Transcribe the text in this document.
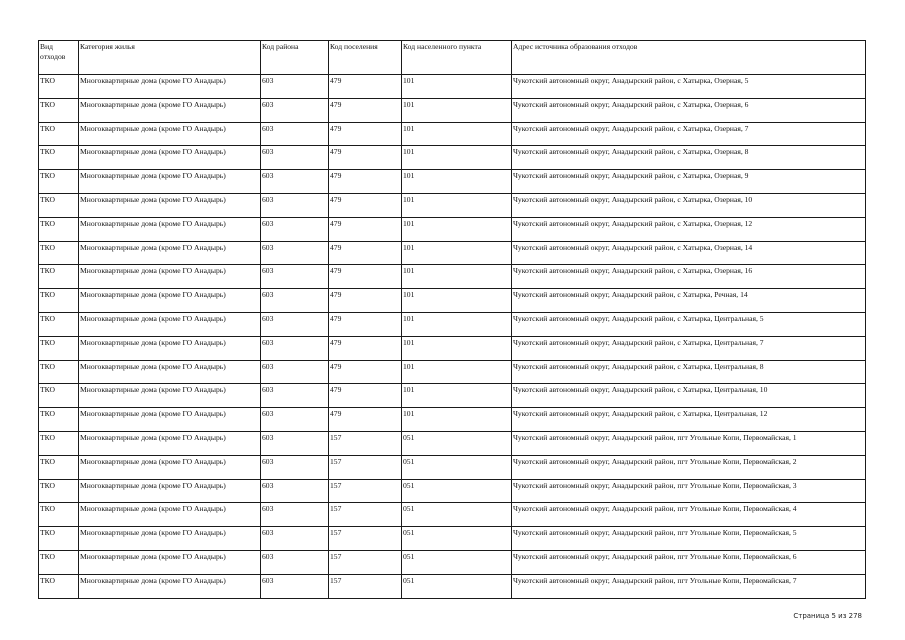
Вид отходов	Категория жилья	Код района	Код поселения	Код населенного пункта	Адрес источника образования отходов
ТКО	Многоквартирные дома (кроме ГО Анадырь)	603	479	101	Чукотский автономный округ, Анадырский район, с Хатырка, Озерная, 5
ТКО	Многоквартирные дома (кроме ГО Анадырь)	603	479	101	Чукотский автономный округ, Анадырский район, с Хатырка, Озерная, 6
ТКО	Многоквартирные дома (кроме ГО Анадырь)	603	479	101	Чукотский автономный округ, Анадырский район, с Хатырка, Озерная, 7
ТКО	Многоквартирные дома (кроме ГО Анадырь)	603	479	101	Чукотский автономный округ, Анадырский район, с Хатырка, Озерная, 8
ТКО	Многоквартирные дома (кроме ГО Анадырь)	603	479	101	Чукотский автономный округ, Анадырский район, с Хатырка, Озерная, 9
ТКО	Многоквартирные дома (кроме ГО Анадырь)	603	479	101	Чукотский автономный округ, Анадырский район, с Хатырка, Озерная, 10
ТКО	Многоквартирные дома (кроме ГО Анадырь)	603	479	101	Чукотский автономный округ, Анадырский район, с Хатырка, Озерная, 12
ТКО	Многоквартирные дома (кроме ГО Анадырь)	603	479	101	Чукотский автономный округ, Анадырский район, с Хатырка, Озерная, 14
ТКО	Многоквартирные дома (кроме ГО Анадырь)	603	479	101	Чукотский автономный округ, Анадырский район, с Хатырка, Озерная, 16
ТКО	Многоквартирные дома (кроме ГО Анадырь)	603	479	101	Чукотский автономный округ, Анадырский район, с Хатырка, Речная, 14
ТКО	Многоквартирные дома (кроме ГО Анадырь)	603	479	101	Чукотский автономный округ, Анадырский район, с Хатырка, Центральная, 5
ТКО	Многоквартирные дома (кроме ГО Анадырь)	603	479	101	Чукотский автономный округ, Анадырский район, с Хатырка, Центральная, 7
ТКО	Многоквартирные дома (кроме ГО Анадырь)	603	479	101	Чукотский автономный округ, Анадырский район, с Хатырка, Центральная, 8
ТКО	Многоквартирные дома (кроме ГО Анадырь)	603	479	101	Чукотский автономный округ, Анадырский район, с Хатырка, Центральная, 10
ТКО	Многоквартирные дома (кроме ГО Анадырь)	603	479	101	Чукотский автономный округ, Анадырский район, с Хатырка, Центральная, 12
ТКО	Многоквартирные дома (кроме ГО Анадырь)	603	157	051	Чукотский автономный округ, Анадырский район, пгт Угольные Копи, Первомайская, 1
ТКО	Многоквартирные дома (кроме ГО Анадырь)	603	157	051	Чукотский автономный округ, Анадырский район, пгт Угольные Копи, Первомайская, 2
ТКО	Многоквартирные дома (кроме ГО Анадырь)	603	157	051	Чукотский автономный округ, Анадырский район, пгт Угольные Копи, Первомайская, 3
ТКО	Многоквартирные дома (кроме ГО Анадырь)	603	157	051	Чукотский автономный округ, Анадырский район, пгт Угольные Копи, Первомайская, 4
ТКО	Многоквартирные дома (кроме ГО Анадырь)	603	157	051	Чукотский автономный округ, Анадырский район, пгт Угольные Копи, Первомайская, 5
ТКО	Многоквартирные дома (кроме ГО Анадырь)	603	157	051	Чукотский автономный округ, Анадырский район, пгт Угольные Копи, Первомайская, 6
ТКО	Многоквартирные дома (кроме ГО Анадырь)	603	157	051	Чукотский автономный округ, Анадырский район, пгт Угольные Копи, Первомайская, 7
Страница 5 из 278
